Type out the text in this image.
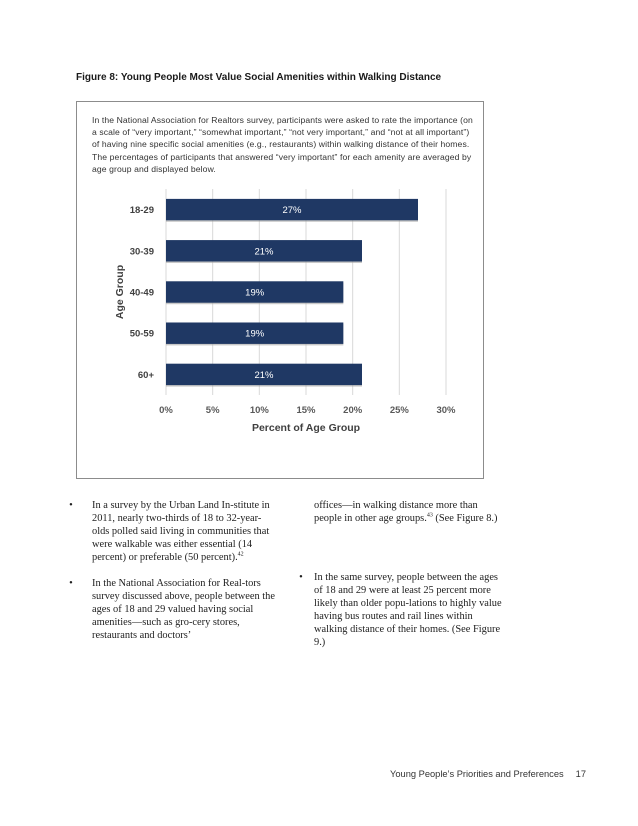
Figure 8: Young People Most Value Social Amenities within Walking Distance
In the National Association for Realtors survey, participants were asked to rate the importance (on a scale of “very important,” “somewhat important,” “not very important,” and “not at all important”) of having nine specific social amenities (e.g., restaurants) within walking distance of their homes. The percentages of participants that answered “very important” for each amenity are averaged by age group and displayed below.
0%	5%	10%	15%	20%	25%	30%
27%
18-29
21%
30-39
19%
40-49
19%
50-59
21%
60+
Percent of Age Group
Age Group
•	In a survey by the Urban Land In-stitute in 2011, nearly two-thirds of 18 to 32-year-olds polled said living in communities that were walkable was either essential (14 percent) or preferable (50 percent).$^{42}$
•	In the National Association for Real-tors survey discussed above, people between the ages of 18 and 29 valued having social amenities—such as gro-cery stores, restaurants and doctors’
offices—in walking distance more than people in other age groups.$^{43}$ (See Figure 8.)
•	In the same survey, people between the ages of 18 and 29 were at least 25 percent more likely than older popu-lations to highly value having bus routes and rail lines within walking distance of their homes. (See Figure 9.)
Young People’s Priorities and Preferences 17
